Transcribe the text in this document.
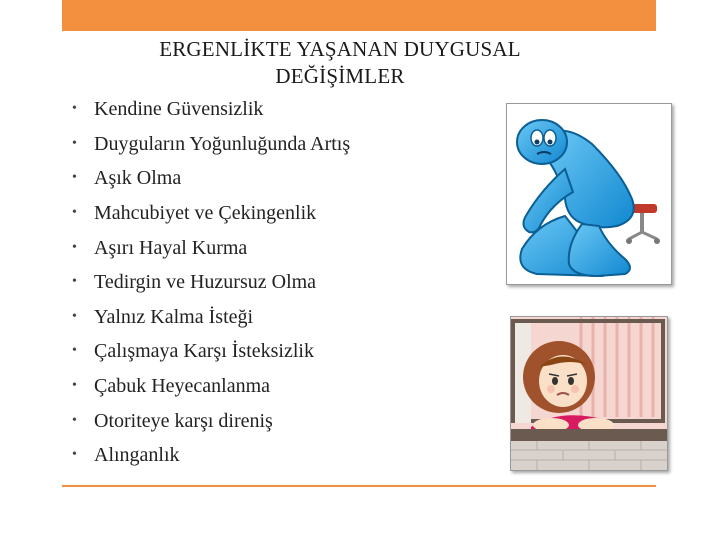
ERGENLİKTE YAŞANAN DUYGUSAL
DEĞİŞİMLER
• Kendine Güvensizlik
• Duyguların Yoğunluğunda Artış
• Aşık Olma
• Mahcubiyet ve Çekingenlik
• Aşırı Hayal Kurma
• Tedirgin ve Huzursuz Olma
• Yalnız Kalma İsteği
• Çalışmaya Karşı İsteksizlik
• Çabuk Heyecanlanma
• Otoriteye karşı direniş
• Alınganlık
